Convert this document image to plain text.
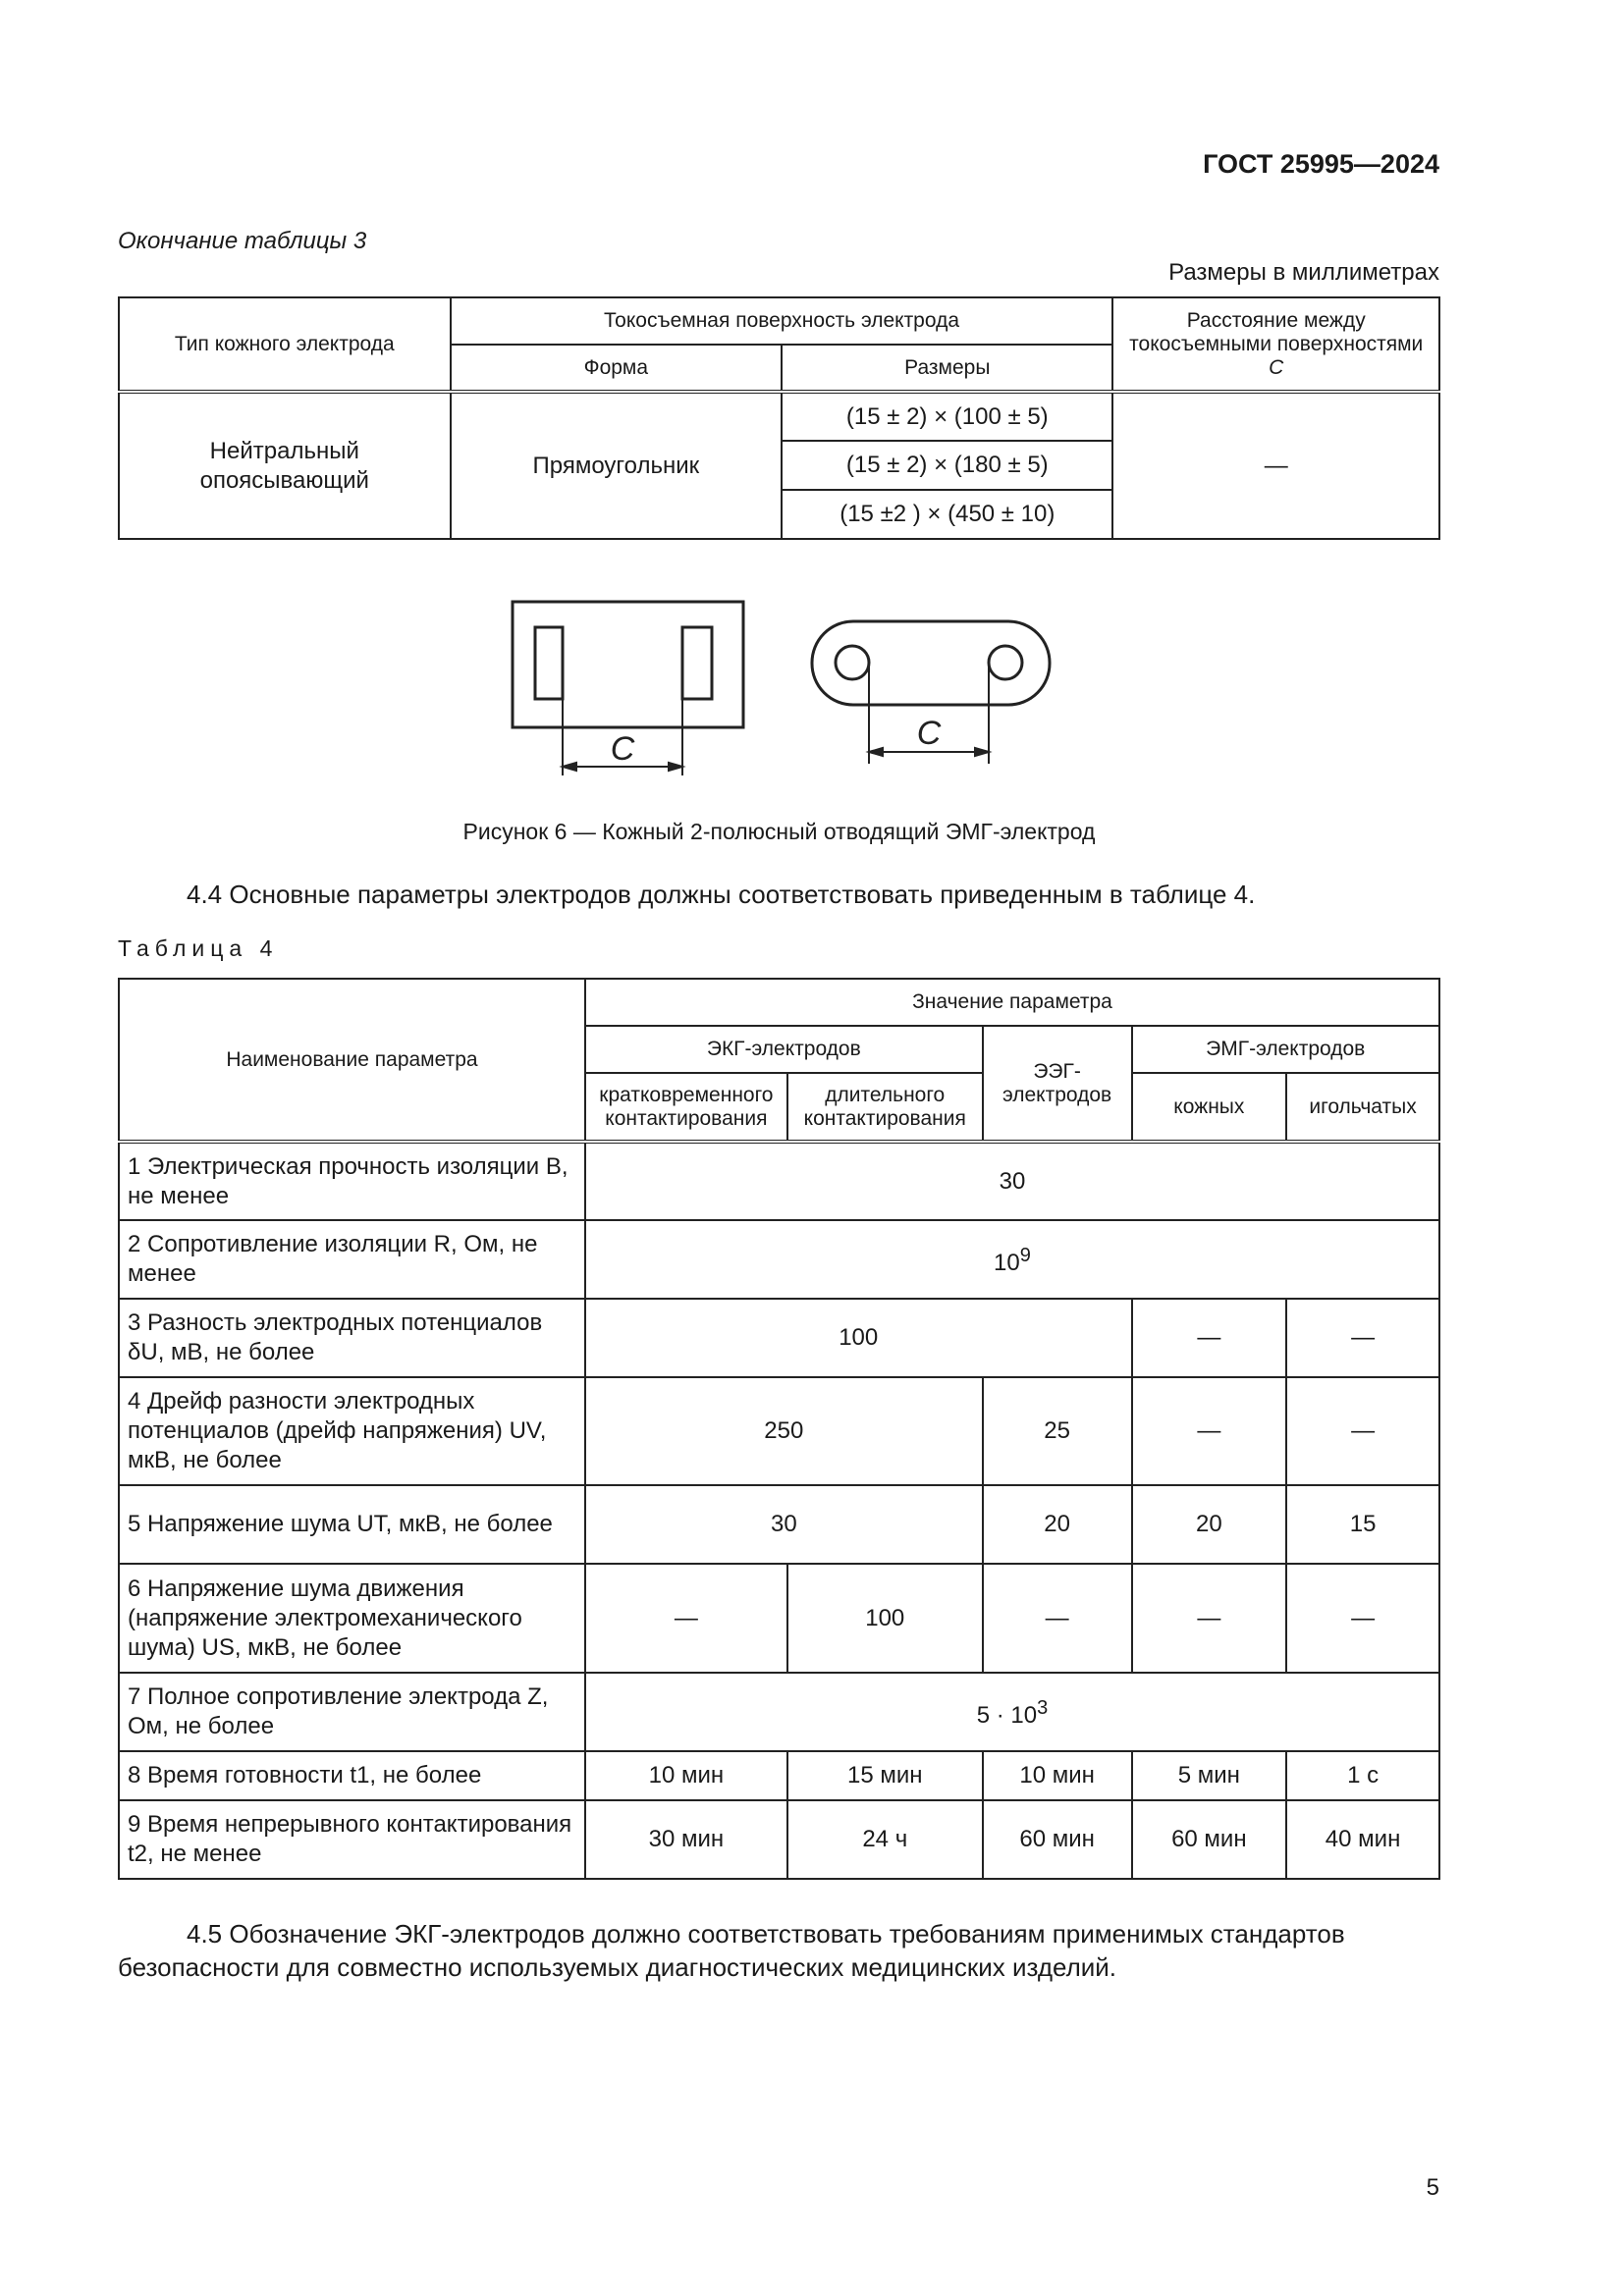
ГОСТ 25995—2024
Окончание таблицы 3
Размеры в миллиметрах
Тип кожного электрода	Токосъемная поверхность электрода		Расстояние между токосъемными поверхностями C
	Форма	Размеры	
Нейтральный опоясывающий	Прямоугольник	(15 ± 2) × (100 ± 5)	—
		(15 ± 2) × (180 ± 5)	
		(15 ±2 ) × (450 ± 10)	
C	C
Рисунок 6 — Кожный 2-полюсный отводящий ЭМГ-электрод
4.4 Основные параметры электродов должны соответствовать приведенным в таблице 4.
Таблица 4
Наименование параметра	Значение параметра				
	ЭКГ-электродов		ЭЭГ-электродов	ЭМГ-электродов	
	кратковременного контактирования	длительного контактирования		кожных	игольчатых
1 Электрическая прочность изоляции B, не менее	30				
2 Сопротивление изоляции R, Ом, не менее	$10^9$
3 Разность электродных потенциалов δU, мВ, не более	100			—	—
4 Дрейф разности электродных потенциалов (дрейф напряжения) UV, мкВ, не более	250		25	—	—
5 Напряжение шума UT, мкВ, не более	30		20	20	15
6 Напряжение шума движения (напряжение электромеханического шума) US, мкВ, не более	—	100	—	—	—
7 Полное сопротивление электрода Z, Ом, не более	$5 \cdot 10^3$
8 Время готовности t1, не более	10 мин	15 мин	10 мин	5 мин	1 с
9 Время непрерывного контактирования t2, не менее	30 мин	24 ч	60 мин	60 мин	40 мин
4.5 Обозначение ЭКГ-электродов должно соответствовать требованиям применимых стандартов безопасности для совместно используемых диагностических медицинских изделий.
5
